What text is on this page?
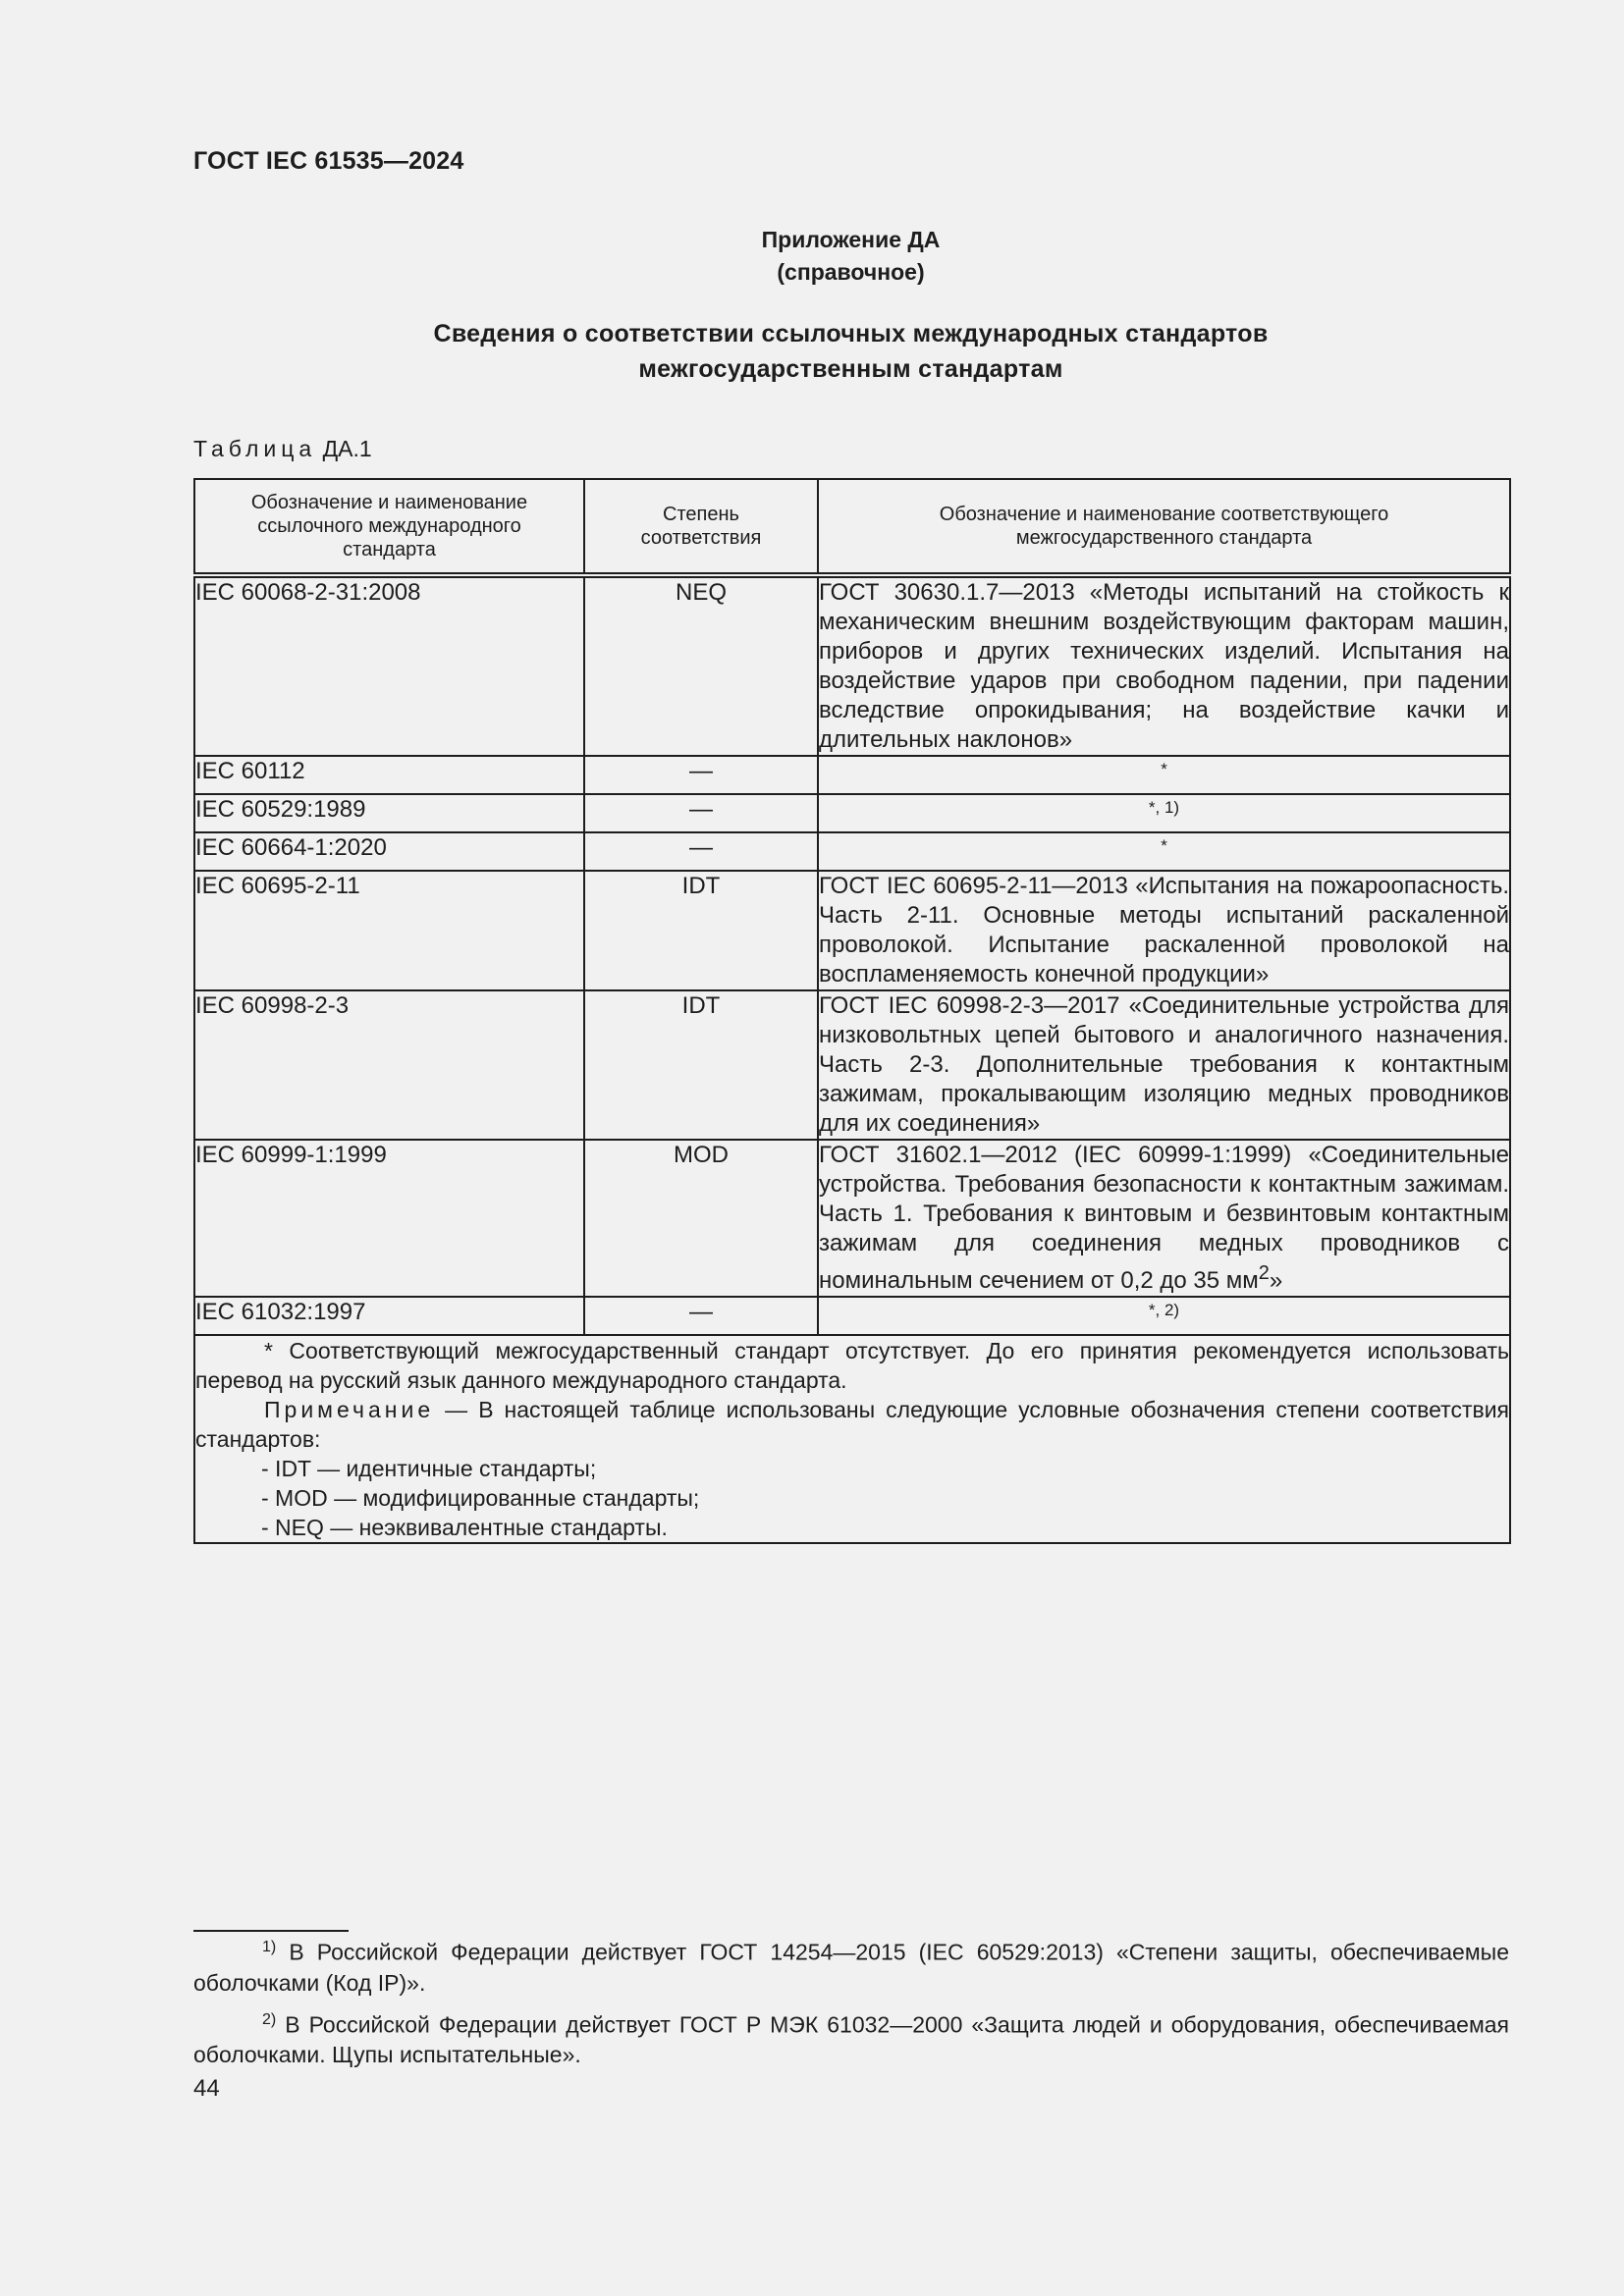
ГОСТ IEC 61535—2024
Приложение ДА
(справочное)
Сведения о соответствии ссылочных международных стандартов
межгосударственным стандартам
Таблица ДА.1
Обозначение и наименование ссылочного международного стандарта	Степень соответствия	Обозначение и наименование соответствующего межгосударственного стандарта
IEC 60068-2-31:2008	NEQ	ГОСТ 30630.1.7—2013 «Методы испытаний на стойкость к механическим внешним воздействующим факторам машин, приборов и других технических изделий. Испытания на воздействие ударов при свободном падении, при падении вследствие опрокидывания; на воздействие качки и длительных наклонов»
IEC 60112	—	*
IEC 60529:1989	—	*, 1)
IEC 60664-1:2020	—	*
IEC 60695-2-11	IDT	ГОСТ IEC 60695-2-11—2013 «Испытания на пожароопасность. Часть 2-11. Основные методы испытаний раскаленной проволокой. Испытание раскаленной проволокой на воспламеняемость конечной продукции»
IEC 60998-2-3	IDT	ГОСТ IEC 60998-2-3—2017 «Соединительные устройства для низковольтных цепей бытового и аналогичного назначения. Часть 2-3. Дополнительные требования к контактным зажимам, прокалывающим изоляцию медных проводников для их соединения»
IEC 60999-1:1999	MOD	ГОСТ 31602.1—2012 (IEC 60999-1:1999) «Соединительные устройства. Требования безопасности к контактным зажимам. Часть 1. Требования к винтовым и безвинтовым контактным зажимам для соединения медных проводников с номинальным сечением от 0,2 до 35 $мм^2$»
IEC 61032:1997	—	*, 2)

* Соответствующий межгосударственный стандарт отсутствует. До его принятия рекомендуется использовать перевод на русский язык данного международного стандарта.

Примечание — В настоящей таблице использованы следующие условные обозначения степени соответствия стандартов:

- IDT — идентичные стандарты;

- MOD — модифицированные стандарты;

- NEQ — неэквивалентные стандарты.		

$^{1)}$ В Российской Федерации действует ГОСТ 14254—2015 (IEC 60529:2013) «Степени защиты, обеспечиваемые оболочками (Код IP)».

$^{2)}$ В Российской Федерации действует ГОСТ Р МЭК 61032—2000 «Защита людей и оборудования, обеспечиваемая оболочками. Щупы испытательные».

44
